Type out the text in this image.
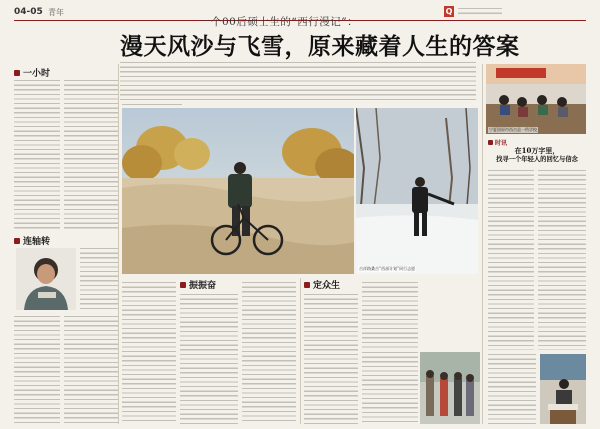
04-05 青年	Q
一个00后硕士生的“西行漫记”：
漫天风沙与飞雪，原来藏着人生的答案
一小时
连轴转
吉祥路桑吉“西部计划”同行志愿
振振奋	定众生
宁夏固原市西吉县一所学校
时讯
在10万字里，
找寻一个年轻人的回忆与信念
